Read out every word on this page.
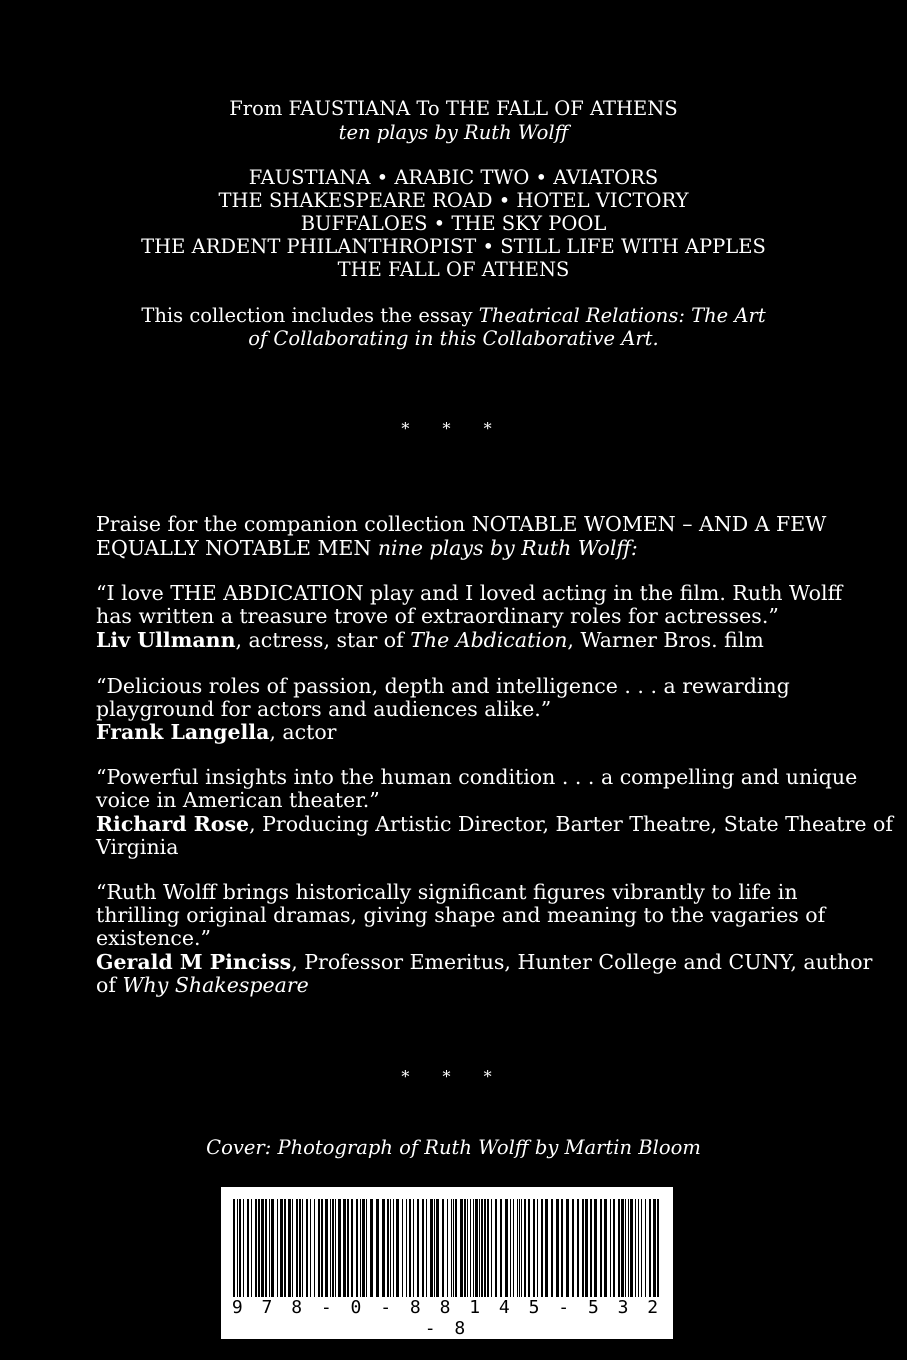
From FAUSTIANA To THE FALL OF ATHENS
ten plays by Ruth Wolff
FAUSTIANA • ARABIC TWO • AVIATORS
THE SHAKESPEARE ROAD • HOTEL VICTORY
BUFFALOES • THE SKY POOL
THE ARDENT PHILANTHROPIST • STILL LIFE WITH APPLES
THE FALL OF ATHENS
This collection includes the essay Theatrical Relations: The Art
of Collaborating in this Collaborative Art.
* * *
Praise for the companion collection NOTABLE WOMEN – AND A FEW
EQUALLY NOTABLE MEN nine plays by Ruth Wolff:
“I love THE ABDICATION play and I loved acting in the film. Ruth Wolff
has written a treasure trove of extraordinary roles for actresses.”
Liv Ullmann, actress, star of The Abdication, Warner Bros. film
“Delicious roles of passion, depth and intelligence . . . a rewarding
playground for actors and audiences alike.”
Frank Langella, actor
“Powerful insights into the human condition . . . a compelling and unique
voice in American theater.”
Richard Rose, Producing Artistic Director, Barter Theatre, State Theatre of
Virginia
“Ruth Wolff brings historically significant figures vibrantly to life in
thrilling original dramas, giving shape and meaning to the vagaries of
existence.”
Gerald M Pinciss, Professor Emeritus, Hunter College and CUNY, author
of Why Shakespeare
* * *
Cover: Photograph of Ruth Wolff by Martin Bloom
9 7 8 - 0 - 8 8 1 4 5 - 5 3 2 - 8
